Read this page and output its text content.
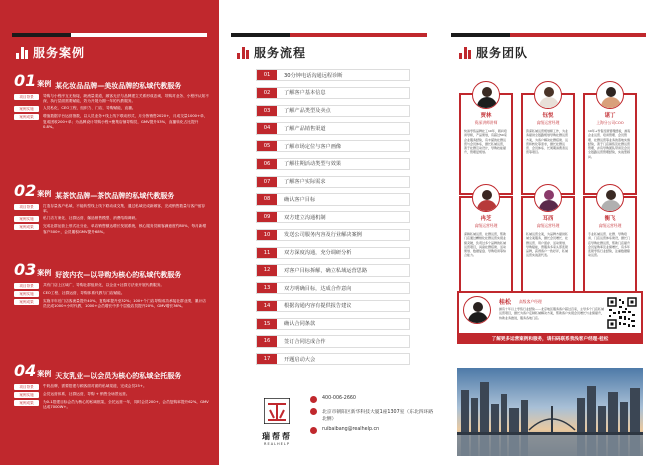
服务案例
01案例 某化妆品品牌—美妆品牌的私域代教服务
项目背景	导购与小程序互无衔接，缺流量渠道，顾客无法与品牌建立关系形成忠诚，导购对业务、小程序认知不深，执行层面需要赋能，效为开展为期一年的代教服务。
案例实施	人员私化、CEO工程，组织力、门店，导购赋能，直播。
案例成果	增值数据平台运营指数，以人员业务+线上线下联动形式，月分拣销售2020+，月成交量1000+单，复成团收200+单；为品牌设计导购小程+聚集店铺导购员，GMV提升53%，直播转化占比提升0.8%。
02案例 某茶饮品牌—茶饮品牌的私域代教服务
项目背景	打造存量客户私域，不能转型线上线下联动成交集，通过私域完成新顾客，完成销售数量与客户留存率。
案例实施	私门店方案化、社群运营、爆品销售模型、消费结构调研。
案例成果	完成社群运营上形式社分业，单店销售额达增长发展系统，核心服务员顾客满意度约80%，每月新增客户500+，会员累积GMV提升68%。
03案例 好波内衣—以导购为核心的私域代教服务
项目背景	共有门店上区域广，导购社群组织化，以企业+社群方法来开展代教服务。
案例实施	CEO工程、社群运营、导购体系代教与门店赋能。
案例成果	实施半年后门店客流量提升40%，复购率提升至32%；100+个门店导购成功承接社群业绩，累计店员完成1000+小时代教，1000+会员增长中多个层级店员提升20%，GMV增长36%。
04案例 天友乳业—以会员为核心的私域全托服务
项目背景	牛奶品牌，需要搭建与顾客面对面的私域渠道，完成会员25+。
案例实施	会员运营体系，社群运营，导购 + 销售全场景运营。
案例成果	为0-1搭建目标会员为核心的私域框架，全托运营一年，同时会员200+，会员复购率提升62%，GMV达成7000W+。
服务流程
01	30分钟电话沟通远程诊断
02	了解客户基本信息
03	了解产品类型及卖点
04	了解产品销售渠道
05	了解市场定位与客户画像
06	了解往期活动类型与效果
07	了解客户实际需求
08	确认客户目标
09	双方建立沟通机制
10	发送公司服务内容及行业解决案例
11	双方深度沟通，充分调研分析
12	对客户目标拆解，确立私域运营思路
13	双方明确目标，达成合作意向
14	根据沟通内容有提供报告建议
15	确认合同条款
16	签订合同达成合作
17	开题启动大会
瑞帮帮
REALHELP
400-006-2660
北京市朝阳区新华科技大厦1座1307室（东北四环路北侧）
ruibaibang@realhelp.cn
服务团队
贾林
资深讲师讲师
快消零售品牌社工10年，顾问培训导师，产品策划，有超过50家企业服务经验，有丰富的社群运营与会员体系，擅长私域运营，善于社群互动设计，导购技能提升，管理层规划。
钰悦
高级运营经理
资深私域运营规划师工作，为业务提供全链路规划导购社群运营方案，为客户解决社群搭建、运营和转化等需求，擅长社群运营、会员体系、长周期消费者运营等项目。
谌丁
上海分公司COO
10年+零售连锁管理经验，拥有企业运营、培训管理、会员管理、社群运营等业务的落地实施经验，善于门店销售及社群运营管理，并有导购团队带训及会员全链路运营管理经验，实战型顾问。
冉芝
高级运营经理
深耕私域运营、社群运营，帮助门店通过精细化社群运营实现业绩突破，负责过多个品牌的私域运营项目，具备社群搭建、活动策划、数据复盘、导购培训等综合能力。
耳西
高级运营经理
私域运营全案，为品牌方提供私域全案服务，擅长会员增长、社群运营、用户留存、活动策划、导购赋能，曾服务多家头部连锁品牌，获得客户一致好评，私域运营实战派代表。
衡飞
高级运营经理
专业私域运营、社群、导购培训、门店运营体系建设，擅长门店导购社群运营，帮助门店提升会员复购率及业绩增长，有多年连锁零售行业经验，注重数据驱动运营。
桂松 高级客户经理
拥有十年以上零售行业经验——北京地区服务客户超过百家，主导多个门店私域运营项目，擅长为客户定制私域解决方案，帮助客户实现会员增长与业绩提升，协助业务推进，服务各地门店。
了解更多运营案例和服务，请扫码联系我浅客户经理-桂松
